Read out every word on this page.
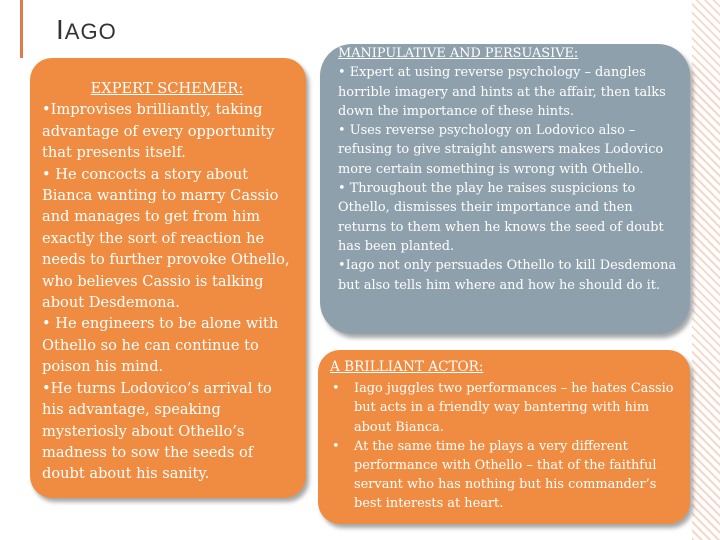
IAGO
EXPERT SCHEMER:

•Improvises brilliantly, taking advantage of every opportunity that presents itself.

• He concocts a story about Bianca wanting to marry Cassio and manages to get from him exactly the sort of reaction he needs to further provoke Othello, who believes Cassio is talking about Desdemona.

• He engineers to be alone with Othello so he can continue to poison his mind.

•He turns Lodovico’s arrival to his advantage, speaking mysteriosly about Othello’s madness to sow the seeds of doubt about his sanity.

MANIPULATIVE AND PERSUASIVE:

• Expert at using reverse psychology – dangles horrible imagery and hints at the affair, then talks down the importance of these hints.

• Uses reverse psychology on Lodovico also – refusing to give straight answers makes Lodovico more certain something is wrong with Othello.

• Throughout the play he raises suspicions to Othello, dismisses their importance and then returns to them when he knows the seed of doubt has been planted.

•Iago not only persuades Othello to kill Desdemona but also tells him where and how he should do it.

A BRILLIANT ACTOR:
•	Iago juggles two performances – he hates Cassio but acts in a friendly way bantering with him about Bianca.
•	At the same time he plays a very different performance with Othello – that of the faithful servant who has nothing but his commander’s best interests at heart.
